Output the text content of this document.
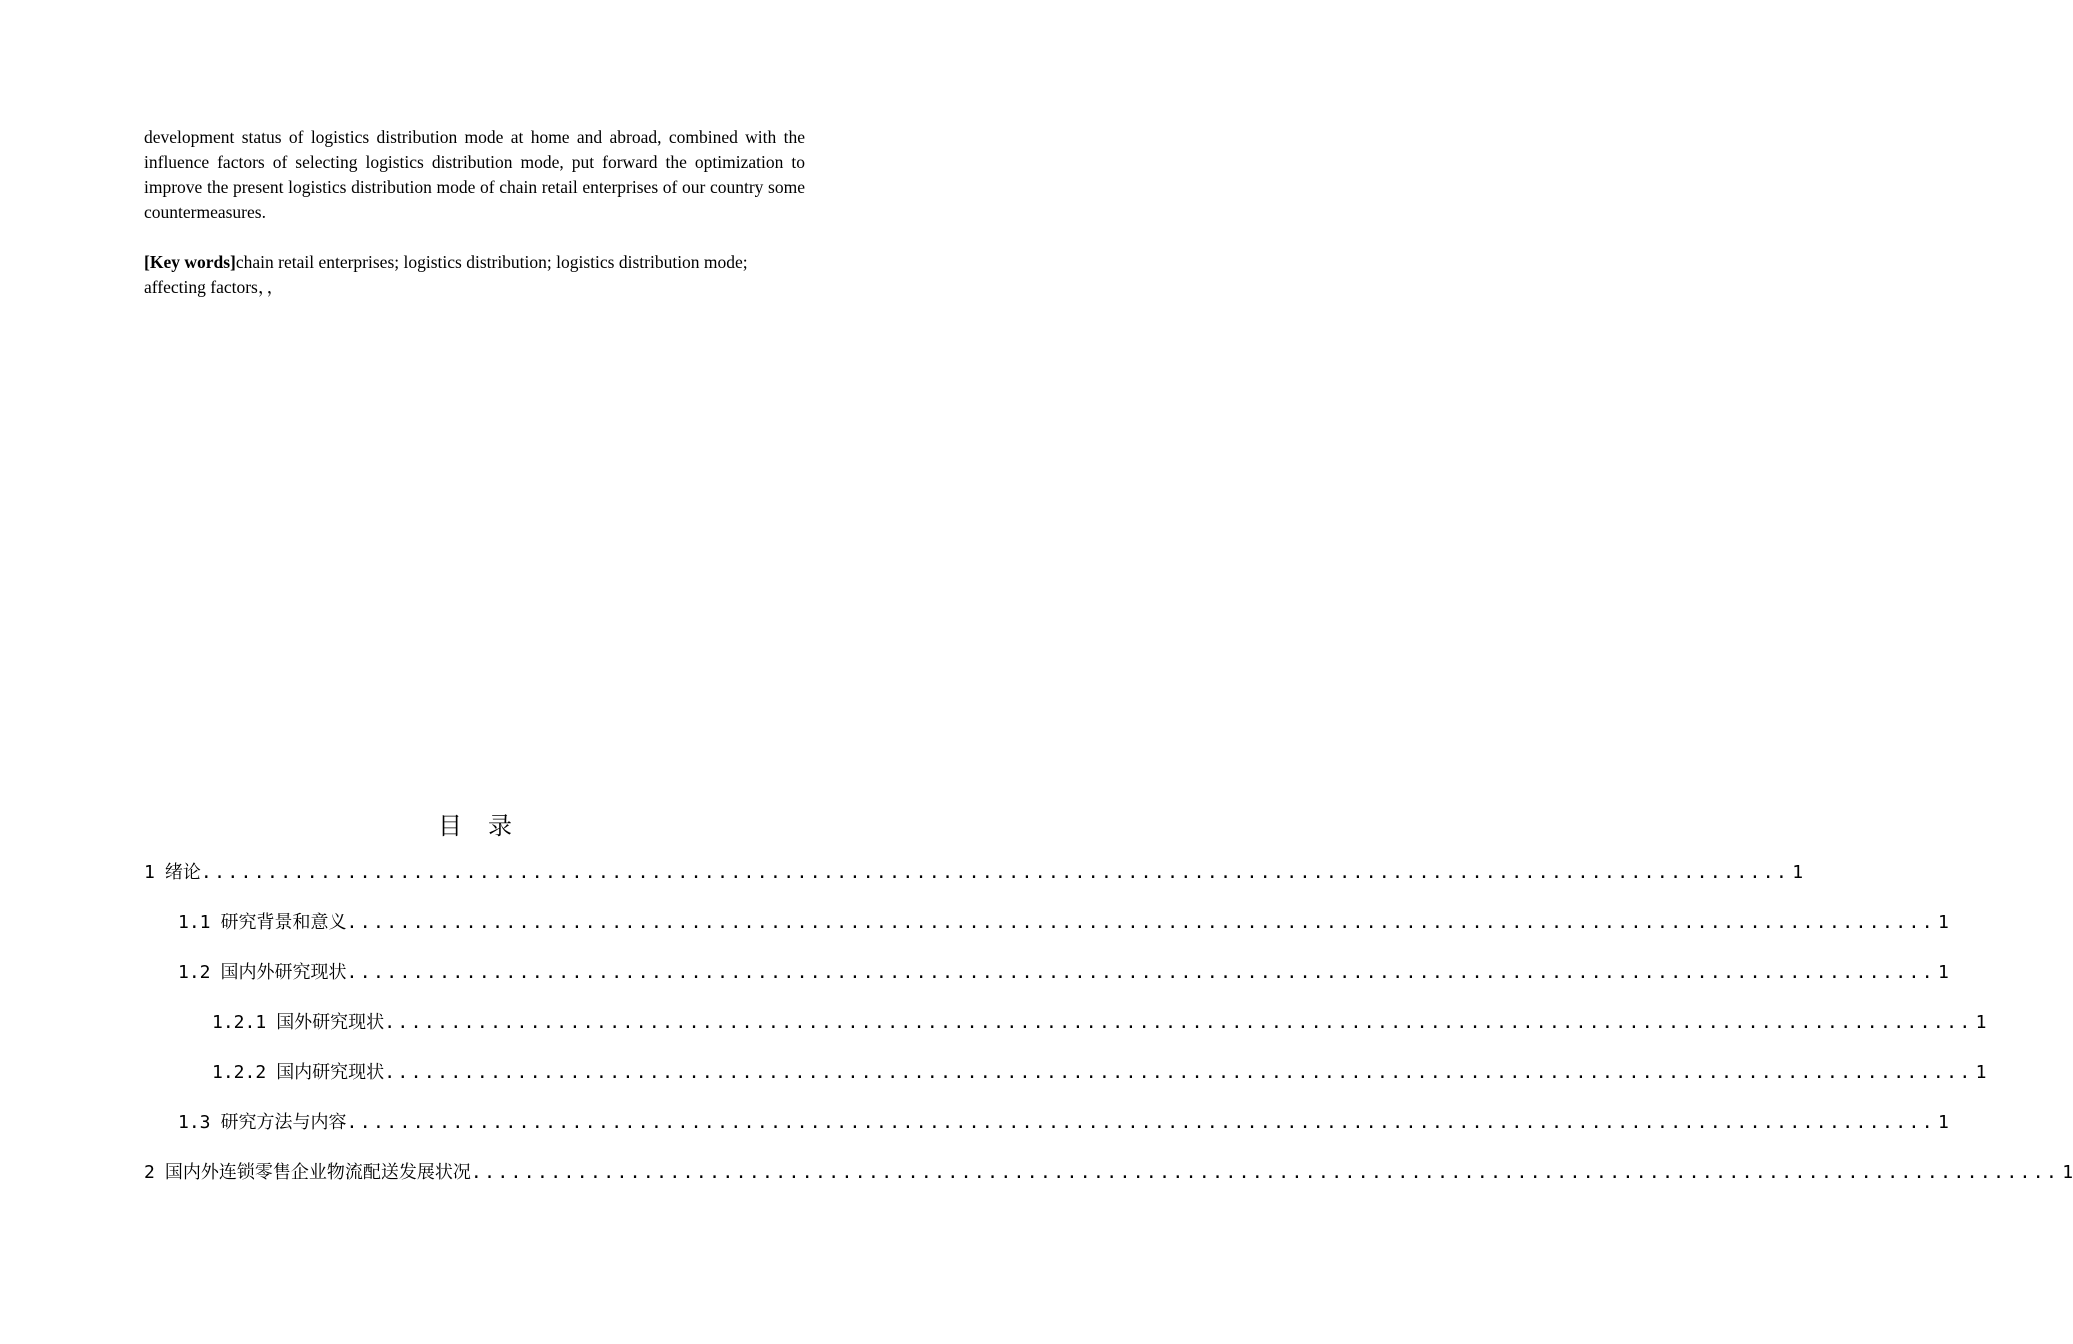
development status of logistics distribution mode at home and abroad, combined with the influence factors of selecting logistics distribution mode, put forward the optimization to improve the present logistics distribution mode of chain retail enterprises of our country some countermeasures.

[Key words]chain retail enterprises; logistics distribution; logistics distribution mode; affecting factors，，

目 录
1 绪论 ........................................................................................................................ 1
1.1 研究背景和意义 ........................................................................................................................ 1
1.2 国内外研究现状 ........................................................................................................................ 1
1.2.1 国外研究现状 ........................................................................................................................ 1
1.2.2 国内研究现状 ........................................................................................................................ 1
1.3 研究方法与内容 ........................................................................................................................ 1
2 国内外连锁零售企业物流配送发展状况 ........................................................................................................................ 1
